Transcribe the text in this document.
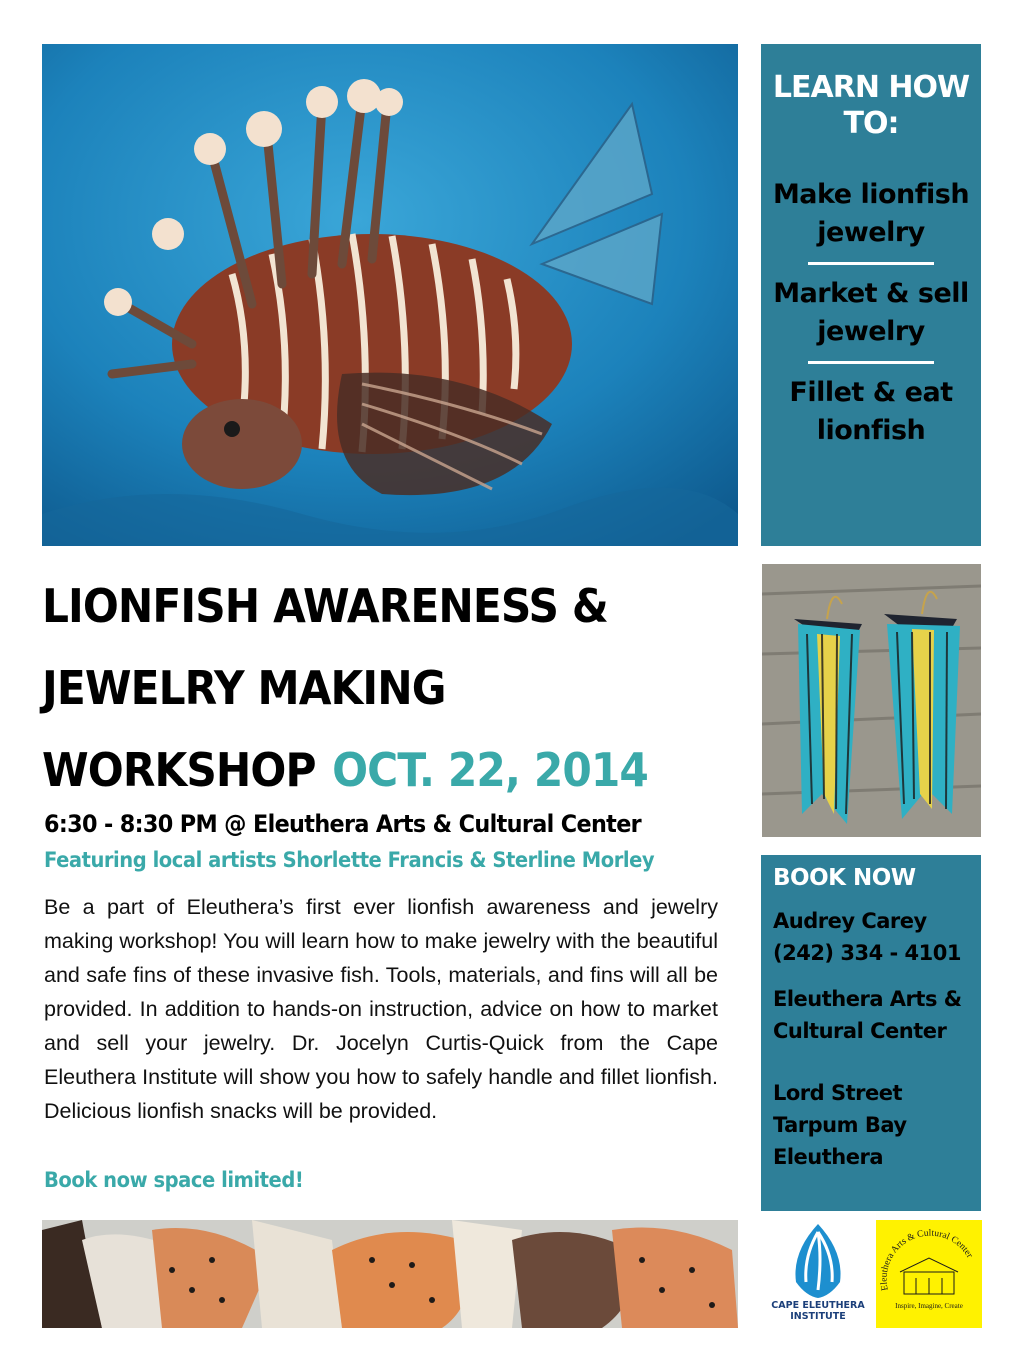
LEARN HOW TO:
Make lionfish jewelry
Market & sell jewelry
Fillet & eat lionfish
BOOK NOW
Audrey Carey
(242) 334 - 4101
Eleuthera Arts &
Cultural Center
Lord Street
Tarpum Bay
Eleuthera
LIONFISH AWARENESS &
JEWELRY MAKING
WORKSHOP OCT. 22, 2014
6:30 - 8:30 PM @ Eleuthera Arts & Cultural Center
Featuring local artists Shorlette Francis & Sterline Morley
Be a part of Eleuthera’s first ever lionfish awareness and jewelry making workshop! You will learn how to make jewelry with the beautiful and safe fins of these invasive fish. Tools, materials, and fins will all be provided. In addition to hands-on instruction, advice on how to market and sell your jewelry. Dr. Jocelyn Curtis-Quick from the Cape Eleuthera Institute will show you how to safely handle and fillet lionfish. Delicious lionfish snacks will be provided.
Book now space limited!
CAPE ELEUTHERA
INSTITUTE
Eleuthera Arts & Cultural Center
Inspire, Imagine, Create
